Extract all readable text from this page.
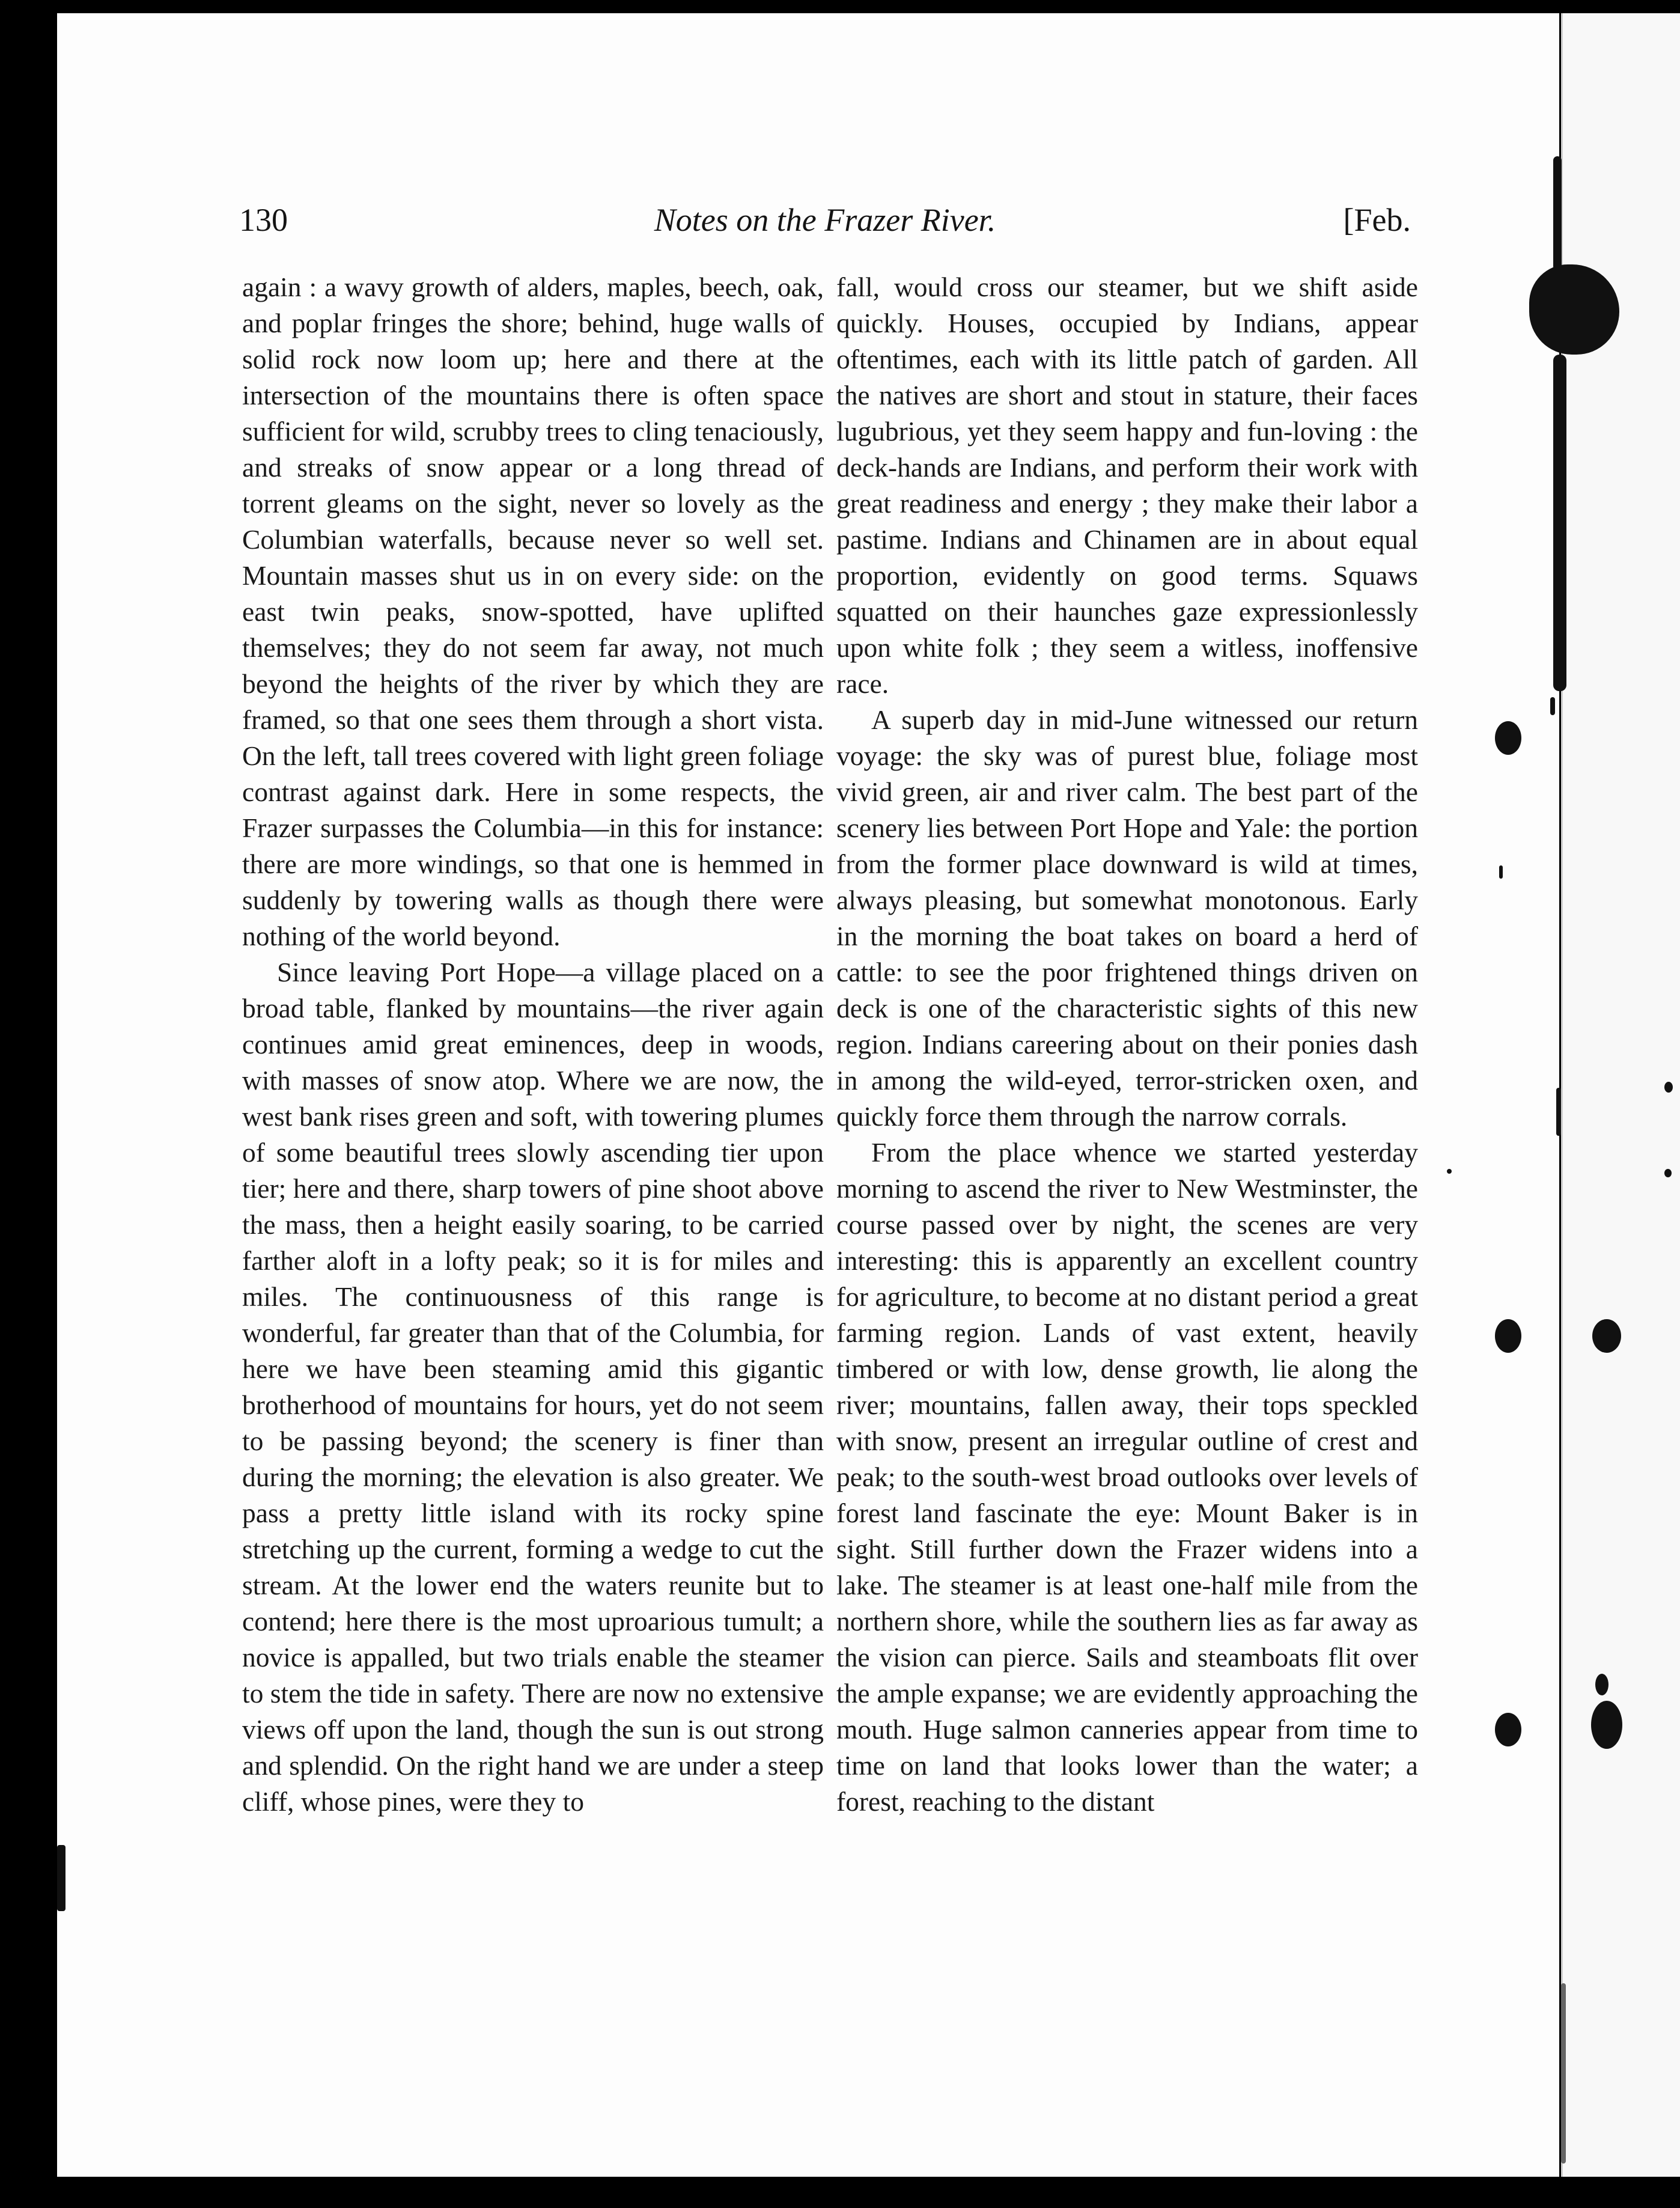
130	Notes on the Frazer River.	[Feb.

again : a wavy growth of alders, maples, beech, oak, and poplar fringes the shore; behind, huge walls of solid rock now loom up; here and there at the intersection of the mountains there is often space sufficient for wild, scrubby trees to cling tenaciously, and streaks of snow appear or a long thread of torrent gleams on the sight, never so lovely as the Columbian waterfalls, because never so well set. Mountain masses shut us in on every side: on the east twin peaks, snow-spotted, have uplifted themselves; they do not seem far away, not much beyond the heights of the river by which they are framed, so that one sees them through a short vista. On the left, tall trees covered with light green foliage contrast against dark. Here in some respects, the Frazer surpasses the Columbia—in this for instance: there are more windings, so that one is hemmed in suddenly by towering walls as though there were nothing of the world beyond.

Since leaving Port Hope—a village placed on a broad table, flanked by mountains—the river again continues amid great eminences, deep in woods, with masses of snow atop. Where we are now, the west bank rises green and soft, with towering plumes of some beautiful trees slowly ascending tier upon tier; here and there, sharp towers of pine shoot above the mass, then a height easily soaring, to be carried farther aloft in a lofty peak; so it is for miles and miles. The continuousness of this range is wonderful, far greater than that of the Columbia, for here we have been steaming amid this gigantic brotherhood of mountains for hours, yet do not seem to be passing beyond; the scenery is finer than during the morning; the elevation is also greater. We pass a pretty little island with its rocky spine stretching up the current, forming a wedge to cut the stream. At the lower end the waters reunite but to contend; here there is the most uproarious tumult; a novice is appalled, but two trials enable the steamer to stem the tide in safety. There are now no extensive views off upon the land, though the sun is out strong and splendid. On the right hand we are under a steep cliff, whose pines, were they to

fall, would cross our steamer, but we shift aside quickly. Houses, occupied by Indians, appear oftentimes, each with its little patch of garden. All the natives are short and stout in stature, their faces lugubrious, yet they seem happy and fun-loving : the deck-hands are Indians, and perform their work with great readiness and energy ; they make their labor a pastime. Indians and Chinamen are in about equal proportion, evidently on good terms. Squaws squatted on their haunches gaze expressionlessly upon white folk ; they seem a witless, inoffensive race.

A superb day in mid-June witnessed our return voyage: the sky was of purest blue, foliage most vivid green, air and river calm. The best part of the scenery lies between Port Hope and Yale: the portion from the former place downward is wild at times, always pleasing, but somewhat monotonous. Early in the morning the boat takes on board a herd of cattle: to see the poor frightened things driven on deck is one of the characteristic sights of this new region. Indians careering about on their ponies dash in among the wild-eyed, terror-stricken oxen, and quickly force them through the narrow corrals.

From the place whence we started yesterday morning to ascend the river to New Westminster, the course passed over by night, the scenes are very interesting: this is apparently an excellent country for agriculture, to become at no distant period a great farming region. Lands of vast extent, heavily timbered or with low, dense growth, lie along the river; mountains, fallen away, their tops speckled with snow, present an irregular outline of crest and peak; to the south-west broad outlooks over levels of forest land fascinate the eye: Mount Baker is in sight. Still further down the Frazer widens into a lake. The steamer is at least one-half mile from the northern shore, while the southern lies as far away as the vision can pierce. Sails and steamboats flit over the ample expanse; we are evidently approaching the mouth. Huge salmon canneries appear from time to time on land that looks lower than the water; a forest, reaching to the distant
